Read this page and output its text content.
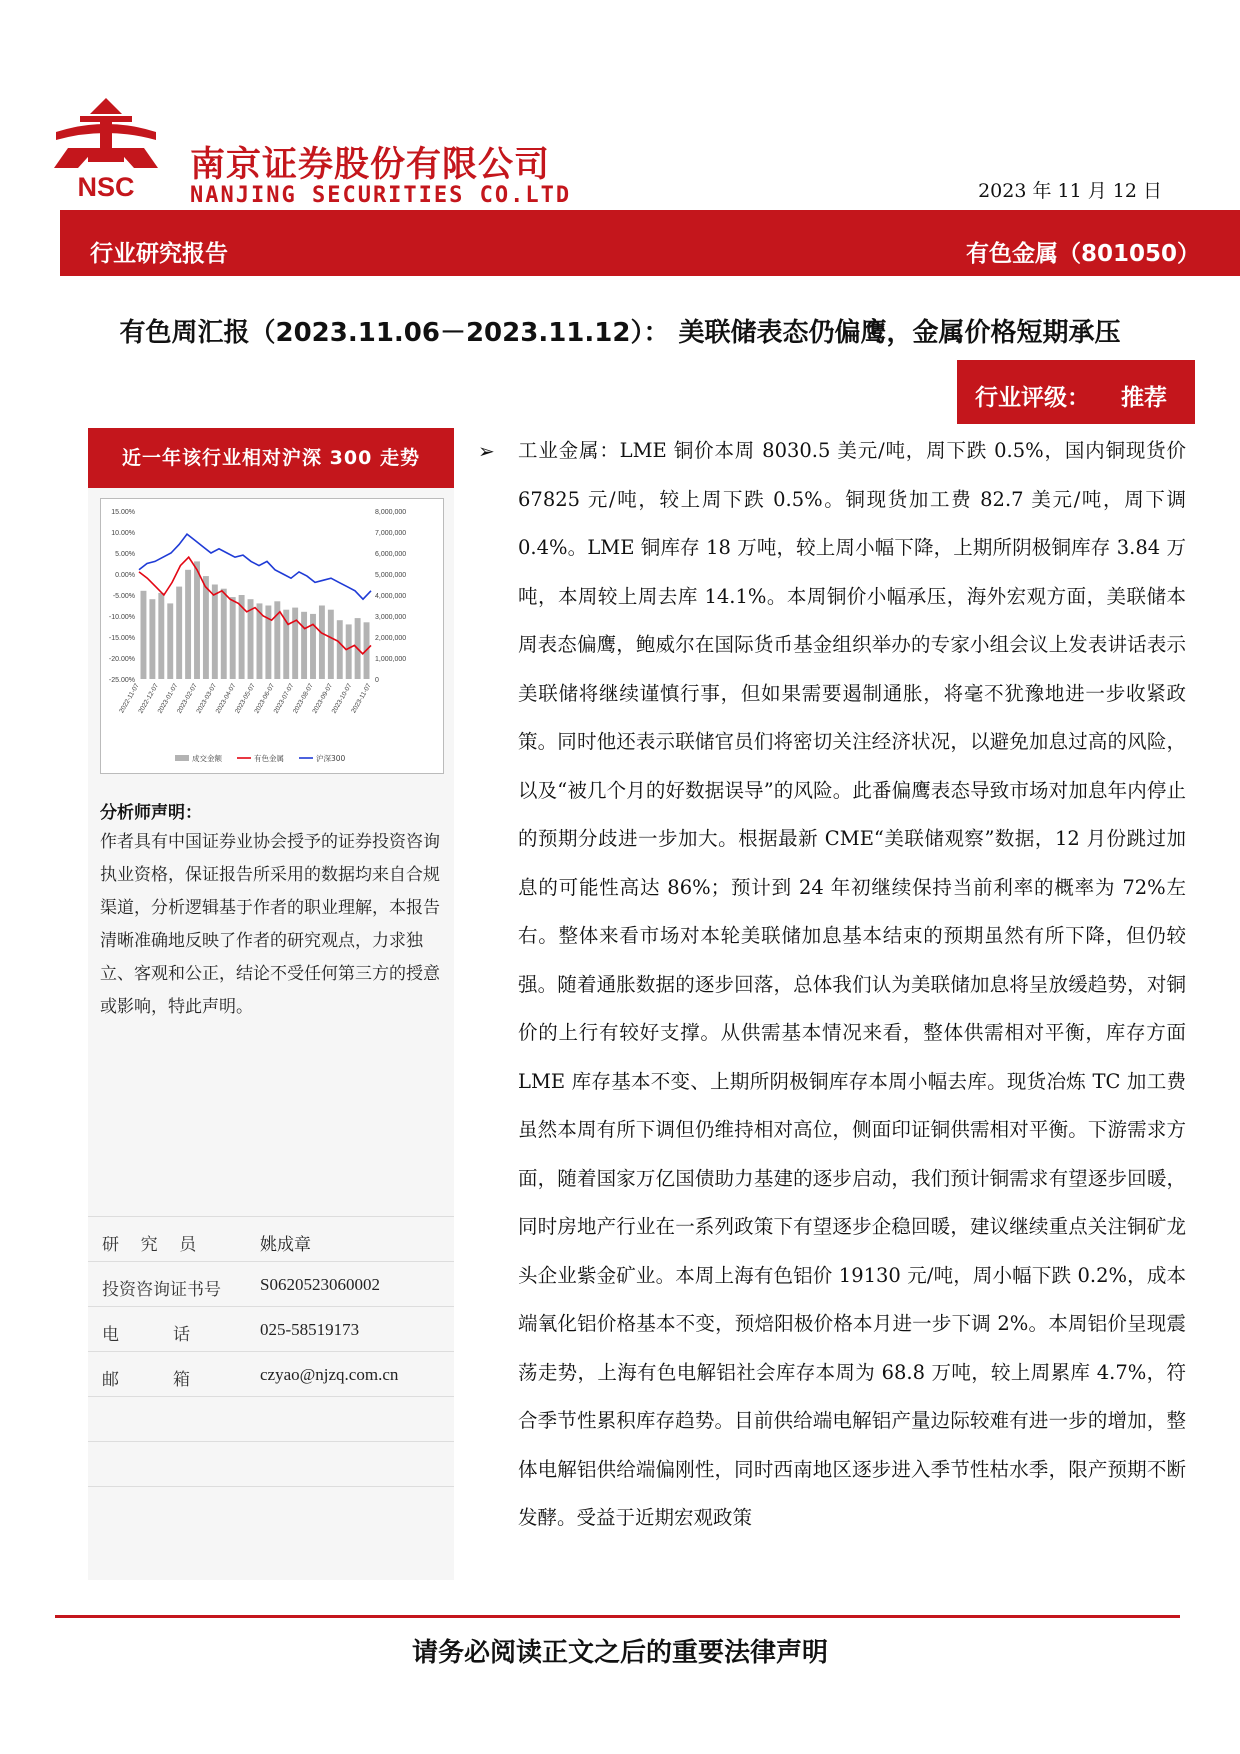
NSC
南京证券股份有限公司
NANJING SECURITIES CO.LTD	2023 年 11 月 12 日
行业研究报告	有色金属（801050）
有色周汇报（2023.11.06－2023.11.12）： 美联储表态仍偏鹰，金属价格短期承压
行业评级： 推荐
近一年该行业相对沪深 300 走势
15.00%
10.00%
5.00%
0.00%
-5.00%
-10.00%
-15.00%
-20.00%
-25.00%
8,000,000
7,000,000
6,000,000
5,000,000
4,000,000
3,000,000
2,000,000
1,000,000
0
2022-11-07
2022-12-07
2023-01-07
2023-02-07
2023-03-07
2023-04-07
2023-05-07
2023-06-07
2023-07-07
2023-08-07
2023-09-07
2023-10-07
2023-11-07
成交金额	有色金属	沪深300
分析师声明：
作者具有中国证券业协会授予的证券投资咨询执业资格，保证报告所采用的数据均来自合规渠道，分析逻辑基于作者的职业理解，本报告清晰准确地反映了作者的研究观点，力求独立、客观和公正，结论不受任何第三方的授意或影响，特此声明。
研    究    员	姚成章
投资咨询证书号 S0620523060002
电          话	025-58519173
邮          箱	czyao@njzq.com.cn
➢ 工业金属：LME 铜价本周 8030.5 美元/吨，周下跌 0.5%，国内铜现货价 67825 元/吨，较上周下跌 0.5%。铜现货加工费 82.7 美元/吨，周下调 0.4%。LME 铜库存 18 万吨，较上周小幅下降，上期所阴极铜库存 3.84 万吨，本周较上周去库 14.1%。本周铜价小幅承压，海外宏观方面，美联储本周表态偏鹰，鲍威尔在国际货币基金组织举办的专家小组会议上发表讲话表示美联储将继续谨慎行事，但如果需要遏制通胀，将毫不犹豫地进一步收紧政策。同时他还表示联储官员们将密切关注经济状况，以避免加息过高的风险，以及“被几个月的好数据误导”的风险。此番偏鹰表态导致市场对加息年内停止的预期分歧进一步加大。根据最新 CME“美联储观察”数据，12 月份跳过加息的可能性高达 86%；预计到 24 年初继续保持当前利率的概率为 72%左右。整体来看市场对本轮美联储加息基本结束的预期虽然有所下降，但仍较强。随着通胀数据的逐步回落，总体我们认为美联储加息将呈放缓趋势，对铜价的上行有较好支撑。从供需基本情况来看，整体供需相对平衡，库存方面 LME 库存基本不变、上期所阴极铜库存本周小幅去库。现货冶炼 TC 加工费虽然本周有所下调但仍维持相对高位，侧面印证铜供需相对平衡。下游需求方面，随着国家万亿国债助力基建的逐步启动，我们预计铜需求有望逐步回暖，同时房地产行业在一系列政策下有望逐步企稳回暖，建议继续重点关注铜矿龙头企业紫金矿业。本周上海有色铝价 19130 元/吨，周小幅下跌 0.2%，成本端氧化铝价格基本不变，预焙阳极价格本月进一步下调 2%。本周铝价呈现震荡走势，上海有色电解铝社会库存本周为 68.8 万吨，较上周累库 4.7%，符合季节性累积库存趋势。目前供给端电解铝产量边际较难有进一步的增加，整体电解铝供给端偏刚性，同时西南地区逐步进入季节性枯水季，限产预期不断发酵。受益于近期宏观政策
请务必阅读正文之后的重要法律声明
